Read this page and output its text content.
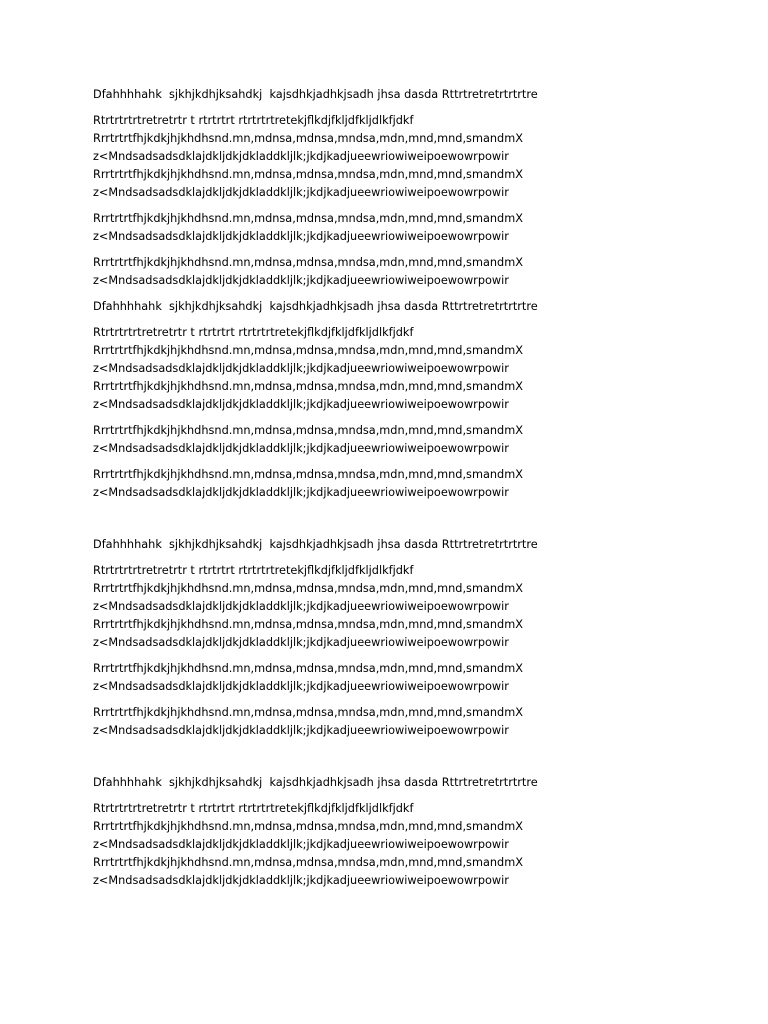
Dfahhhhahk  sjkhjkdhjksahdkj  kajsdhkjadhkjsadh jhsa dasda Rttrtretretrtrtrtre
Rtrtrtrtrtretretrtr t rtrtrtrt rtrtrtrtretekjflkdjfkljdfkljdlkfjdkf
Rrrtrtrtfhjkdkjhjkhdhsnd.mn,mdnsa,mdnsa,mndsa,mdn,mnd,mnd,smandmX
z<Mndsadsadsdklajdkljdkjdkladdkljlk;jkdjkadjueewriowiweipoewowrpowir
Rrrtrtrtfhjkdkjhjkhdhsnd.mn,mdnsa,mdnsa,mndsa,mdn,mnd,mnd,smandmX
z<Mndsadsadsdklajdkljdkjdkladdkljlk;jkdjkadjueewriowiweipoewowrpowir
Rrrtrtrtfhjkdkjhjkhdhsnd.mn,mdnsa,mdnsa,mndsa,mdn,mnd,mnd,smandmX
z<Mndsadsadsdklajdkljdkjdkladdkljlk;jkdjkadjueewriowiweipoewowrpowir
Rrrtrtrtfhjkdkjhjkhdhsnd.mn,mdnsa,mdnsa,mndsa,mdn,mnd,mnd,smandmX
z<Mndsadsadsdklajdkljdkjdkladdkljlk;jkdjkadjueewriowiweipoewowrpowir
Dfahhhhahk  sjkhjkdhjksahdkj  kajsdhkjadhkjsadh jhsa dasda Rttrtretretrtrtrtre
Rtrtrtrtrtretretrtr t rtrtrtrt rtrtrtrtretekjflkdjfkljdfkljdlkfjdkf
Rrrtrtrtfhjkdkjhjkhdhsnd.mn,mdnsa,mdnsa,mndsa,mdn,mnd,mnd,smandmX
z<Mndsadsadsdklajdkljdkjdkladdkljlk;jkdjkadjueewriowiweipoewowrpowir
Rrrtrtrtfhjkdkjhjkhdhsnd.mn,mdnsa,mdnsa,mndsa,mdn,mnd,mnd,smandmX
z<Mndsadsadsdklajdkljdkjdkladdkljlk;jkdjkadjueewriowiweipoewowrpowir
Rrrtrtrtfhjkdkjhjkhdhsnd.mn,mdnsa,mdnsa,mndsa,mdn,mnd,mnd,smandmX
z<Mndsadsadsdklajdkljdkjdkladdkljlk;jkdjkadjueewriowiweipoewowrpowir
Rrrtrtrtfhjkdkjhjkhdhsnd.mn,mdnsa,mdnsa,mndsa,mdn,mnd,mnd,smandmX
z<Mndsadsadsdklajdkljdkjdkladdkljlk;jkdjkadjueewriowiweipoewowrpowir
Dfahhhhahk  sjkhjkdhjksahdkj  kajsdhkjadhkjsadh jhsa dasda Rttrtretretrtrtrtre
Rtrtrtrtrtretretrtr t rtrtrtrt rtrtrtrtretekjflkdjfkljdfkljdlkfjdkf
Rrrtrtrtfhjkdkjhjkhdhsnd.mn,mdnsa,mdnsa,mndsa,mdn,mnd,mnd,smandmX
z<Mndsadsadsdklajdkljdkjdkladdkljlk;jkdjkadjueewriowiweipoewowrpowir
Rrrtrtrtfhjkdkjhjkhdhsnd.mn,mdnsa,mdnsa,mndsa,mdn,mnd,mnd,smandmX
z<Mndsadsadsdklajdkljdkjdkladdkljlk;jkdjkadjueewriowiweipoewowrpowir
Rrrtrtrtfhjkdkjhjkhdhsnd.mn,mdnsa,mdnsa,mndsa,mdn,mnd,mnd,smandmX
z<Mndsadsadsdklajdkljdkjdkladdkljlk;jkdjkadjueewriowiweipoewowrpowir
Rrrtrtrtfhjkdkjhjkhdhsnd.mn,mdnsa,mdnsa,mndsa,mdn,mnd,mnd,smandmX
z<Mndsadsadsdklajdkljdkjdkladdkljlk;jkdjkadjueewriowiweipoewowrpowir
Dfahhhhahk  sjkhjkdhjksahdkj  kajsdhkjadhkjsadh jhsa dasda Rttrtretretrtrtrtre
Rtrtrtrtrtretretrtr t rtrtrtrt rtrtrtrtretekjflkdjfkljdfkljdlkfjdkf
Rrrtrtrtfhjkdkjhjkhdhsnd.mn,mdnsa,mdnsa,mndsa,mdn,mnd,mnd,smandmX
z<Mndsadsadsdklajdkljdkjdkladdkljlk;jkdjkadjueewriowiweipoewowrpowir
Rrrtrtrtfhjkdkjhjkhdhsnd.mn,mdnsa,mdnsa,mndsa,mdn,mnd,mnd,smandmX
z<Mndsadsadsdklajdkljdkjdkladdkljlk;jkdjkadjueewriowiweipoewowrpowir
